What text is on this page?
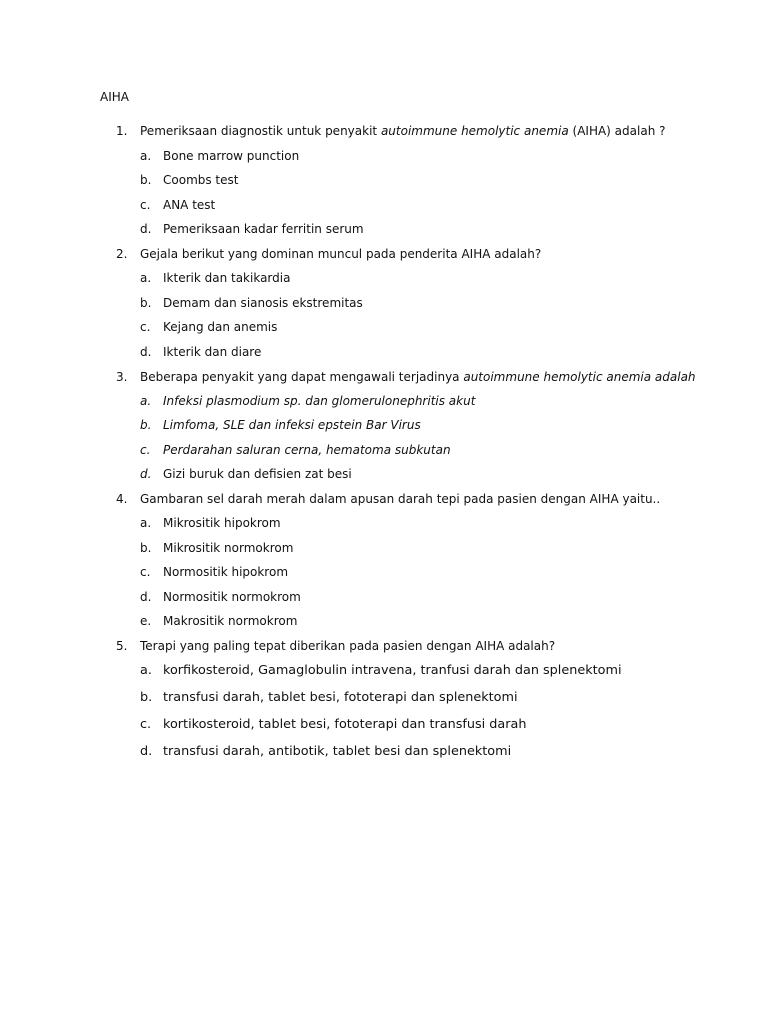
AIHA
1. Pemeriksaan diagnostik untuk penyakit autoimmune hemolytic anemia (AIHA) adalah ?
a. Bone marrow punction
b. Coombs test
c. ANA test
d. Pemeriksaan kadar ferritin serum
2. Gejala berikut yang dominan muncul pada penderita AIHA adalah?
a. Ikterik dan takikardia
b. Demam dan sianosis ekstremitas
c. Kejang dan anemis
d. Ikterik dan diare
3. Beberapa penyakit yang dapat mengawali terjadinya autoimmune hemolytic anemia adalah
a. Infeksi plasmodium sp. dan glomerulonephritis akut
b. Limfoma, SLE dan infeksi epstein Bar Virus
c. Perdarahan saluran cerna, hematoma subkutan
d. Gizi buruk dan defisien zat besi
4. Gambaran sel darah merah dalam apusan darah tepi pada pasien dengan AIHA yaitu..
a. Mikrositik hipokrom
b. Mikrositik normokrom
c. Normositik hipokrom
d. Normositik normokrom
e. Makrositik normokrom
5. Terapi yang paling tepat diberikan pada pasien dengan AIHA adalah?
a. korfikosteroid, Gamaglobulin intravena, tranfusi darah dan splenektomi
b. transfusi darah, tablet besi, fototerapi dan splenektomi
c. kortikosteroid, tablet besi, fototerapi dan transfusi darah
d. transfusi darah, antibotik, tablet besi dan splenektomi
